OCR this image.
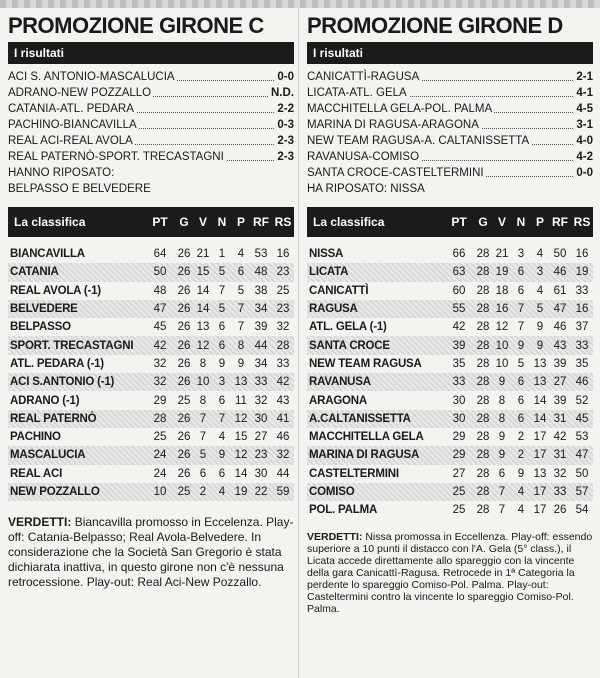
PROMOZIONE GIRONE C
I risultati
ACI S. ANTONIO-MASCALUCIA	0-0
ADRANO-NEW POZZALLO	N.D.
CATANIA-ATL. PEDARA	2-2
PACHINO-BIANCAVILLA	0-3
REAL ACI-REAL AVOLA	2-3
REAL PATERNÒ-SPORT. TRECASTAGNI	2-3
HANNO RIPOSATO:
BELPASSO E BELVEDERE
La classifica	PT G V N P RF RS
BIANCAVILLA	64 26 21 1	4 53 16
CATANIA	50 26 15 5	6 48 23
REAL AVOLA (-1)	48 26 14 7	5 38 25
BELVEDERE	47 26 14 5	7 34 23
BELPASSO	45 26 13 6	7 39 32
SPORT. TRECASTAGNI	42 26 12 6	8 44 28
ATL. PEDARA (-1)	32 26 8	9	9 34 33
ACI S.ANTONIO (-1)	32 26 10 3 13 33 42
ADRANO (-1)	29 25 8	6 11 32 43
REAL PATERNÒ	28 26 7	7 12 30 41
PACHINO	25 26 7	4 15 27 46
MASCALUCIA	24 26 5	9 12 23 32
REAL ACI	24 26 6	6 14 30 44
NEW POZZALLO	10 25 2	4 19 22 59
VERDETTI: Biancavilla promosso in Eccelenza. Play-off: Catania-Belpasso; Real Avola-Belvedere. In considerazione che la Società San Gregorio è stata dichiarata inattiva, in questo girone non c'è nessuna retrocessione. Play-out: Real Aci-New Pozzallo.
PROMOZIONE GIRONE D
I risultati
CANICATTÌ-RAGUSA	2-1
LICATA-ATL. GELA	4-1
MACCHITELLA GELA-POL. PALMA	4-5
MARINA DI RAGUSA-ARAGONA	3-1
NEW TEAM RAGUSA-A. CALTANISSETTA	4-0
RAVANUSA-COMISO	4-2
SANTA CROCE-CASTELTERMINI	0-0
HA RIPOSATO: NISSA
La classifica	PT G V N P RF RS
NISSA	66 28 21 3	4 50 16
LICATA	63 28 19 6	3 46 19
CANICATTÌ	60 28 18 6	4 61 33
RAGUSA	55 28 16 7	5 47 16
ATL. GELA (-1)	42 28 12 7	9 46 37
SANTA CROCE	39 28 10 9	9 43 33
NEW TEAM RAGUSA	35 28 10 5 13 39 35
RAVANUSA	33 28 9	6 13 27 46
ARAGONA	30 28 8	6 14 39 52
A.CALTANISSETTA	30 28 8	6 14 31 45
MACCHITELLA GELA	29 28 9	2 17 42 53
MARINA DI RAGUSA	29 28 9	2 17 31 47
CASTELTERMINI	27 28 6	9 13 32 50
COMISO	25 28 7	4 17 33 57
POL. PALMA	25 28 7	4 17 26 54
VERDETTI: Nissa promossa in Eccellenza. Play-off: essendo superiore a 10 punti il distacco con l'A. Gela (5° class.), il Licata accede direttamente allo spareggio con la vincente della gara Canicattì-Ragusa. Retrocede in 1ª Categoria la perdente lo spareggio Comiso-Pol. Palma. Play-out: Casteltermini contro la vincente lo spareggio Comiso-Pol. Palma.
